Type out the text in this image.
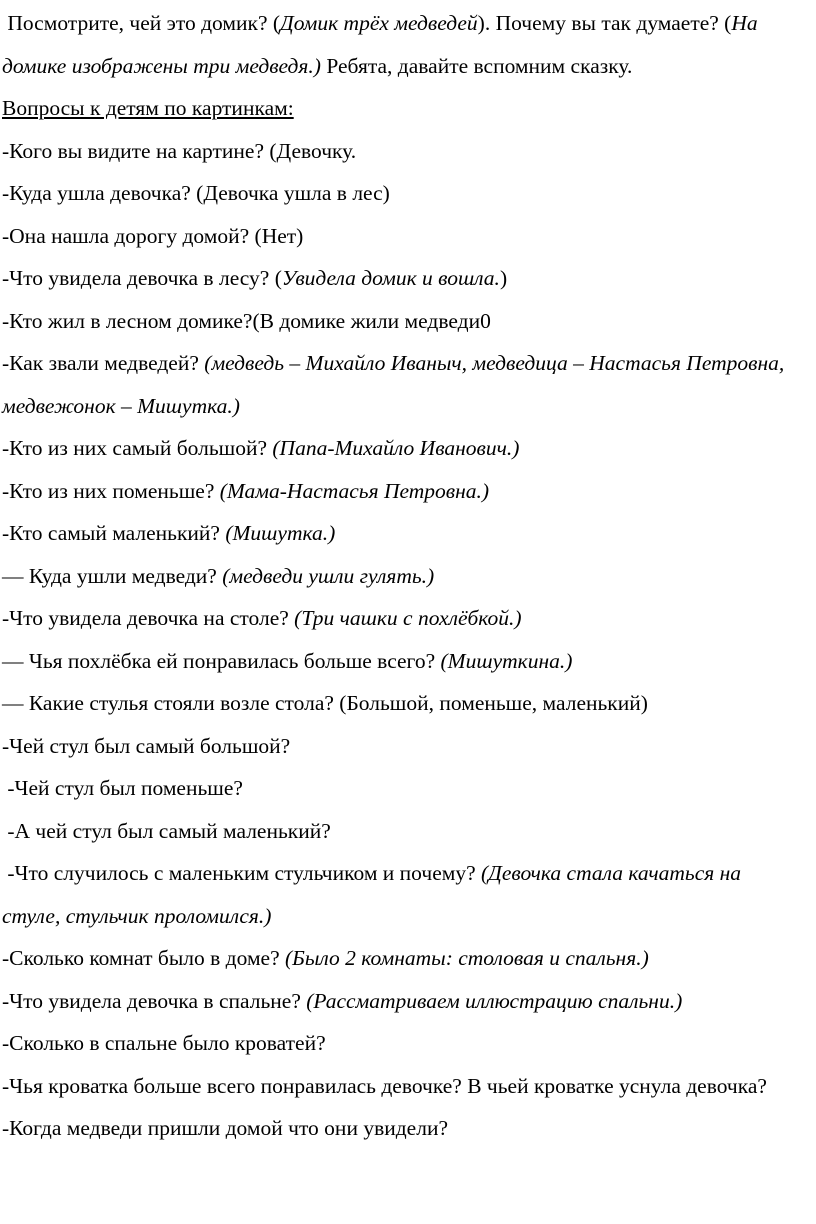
Посмотрите, чей это домик? (Домик трёх медведей). Почему вы так думаете? (На домике изображены три медведя.) Ребята, давайте вспомним сказку.
Вопросы к детям по картинкам:
-Кого вы видите на картине? (Девочку.
-Куда ушла девочка? (Девочка ушла в лес)
-Она нашла дорогу домой? (Нет)
-Что увидела девочка в лесу? (Увидела домик и вошла.)
-Кто жил в лесном домике?(В домике жили медведи0
-Как звали медведей? (медведь – Михайло Иваныч, медведица – Настасья Петровна, медвежонок – Мишутка.)
-Кто из них самый большой? (Папа-Михайло Иванович.)
-Кто из них поменьше? (Мама-Настасья Петровна.)
-Кто самый маленький? (Мишутка.)
— Куда ушли медведи? (медведи ушли гулять.)
-Что увидела девочка на столе? (Три чашки с похлёбкой.)
— Чья похлёбка ей понравилась больше всего? (Мишуткина.)
— Какие стулья стояли возле стола? (Большой, поменьше, маленький)
-Чей стул был самый большой?
-Чей стул был поменьше?
-А чей стул был самый маленький?
-Что случилось с маленьким стульчиком и почему? (Девочка стала качаться на стуле, стульчик проломился.)
-Сколько комнат было в доме? (Было 2 комнаты: столовая и спальня.)
-Что увидела девочка в спальне? (Рассматриваем иллюстрацию спальни.)
-Сколько в спальне было кроватей?
-Чья кроватка больше всего понравилась девочке? В чьей кроватке уснула девочка?
-Когда медведи пришли домой что они увидели?
